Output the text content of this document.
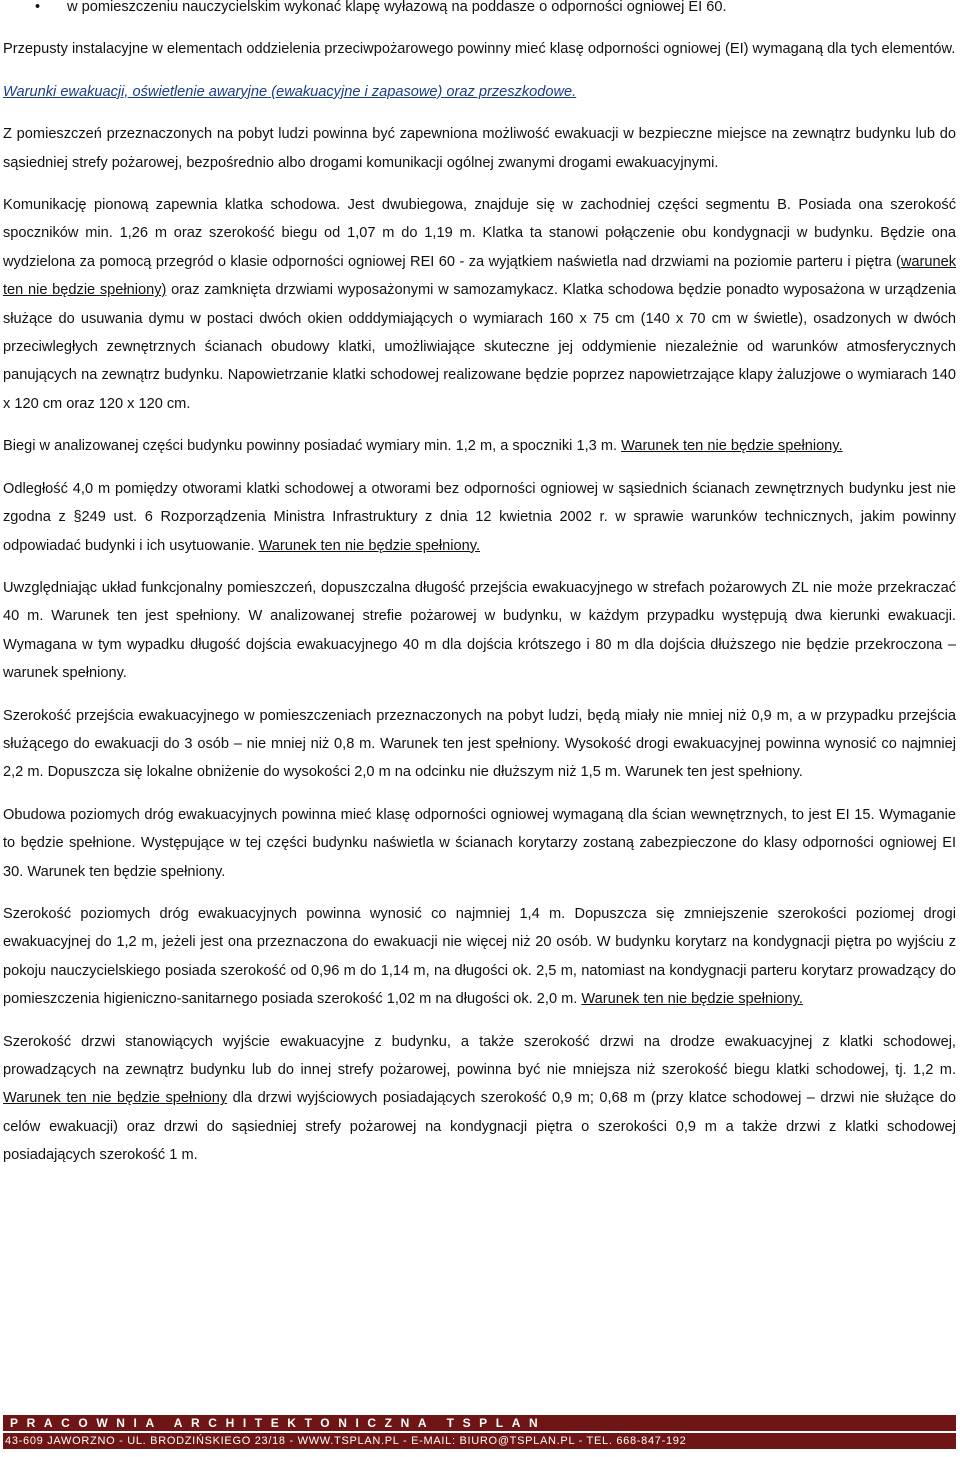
• w pomieszczeniu nauczycielskim wykonać klapę wyłazową na poddasze o odporności ogniowej EI 60.

Przepusty instalacyjne w elementach oddzielenia przeciwpożarowego powinny mieć klasę odporności ogniowej (EI) wymaganą dla tych elementów.

Warunki ewakuacji, oświetlenie awaryjne (ewakuacyjne i zapasowe) oraz przeszkodowe.

Z pomieszczeń przeznaczonych na pobyt ludzi powinna być zapewniona możliwość ewakuacji w bezpieczne miejsce na zewnątrz budynku lub do sąsiedniej strefy pożarowej, bezpośrednio albo drogami komunikacji ogólnej zwanymi drogami ewakuacyjnymi.

Komunikację pionową zapewnia klatka schodowa. Jest dwubiegowa, znajduje się w zachodniej części segmentu B. Posiada ona szerokość spoczników min. 1,26 m oraz szerokość biegu od 1,07 m do 1,19 m. Klatka ta stanowi połączenie obu kondygnacji w budynku. Będzie ona wydzielona za pomocą przegród o klasie odporności ogniowej REI 60 - za wyjątkiem naświetla nad drzwiami na poziomie parteru i piętra (warunek ten nie będzie spełniony) oraz zamknięta drzwiami wyposażonymi w samozamykacz. Klatka schodowa będzie ponadto wyposażona w urządzenia służące do usuwania dymu w postaci dwóch okien odddymiających o wymiarach 160 x 75 cm (140 x 70 cm w świetle), osadzonych w dwóch przeciwległych zewnętrznych ścianach obudowy klatki, umożliwiające skuteczne jej oddymienie niezależnie od warunków atmosferycznych panujących na zewnątrz budynku. Napowietrzanie klatki schodowej realizowane będzie poprzez napowietrzające klapy żaluzjowe o wymiarach 140 x 120 cm oraz 120 x 120 cm.

Biegi w analizowanej części budynku powinny posiadać wymiary min. 1,2 m, a spoczniki 1,3 m. Warunek ten nie będzie spełniony.

Odległość 4,0 m pomiędzy otworami klatki schodowej a otworami bez odporności ogniowej w sąsiednich ścianach zewnętrznych budynku jest nie zgodna z §249 ust. 6 Rozporządzenia Ministra Infrastruktury z dnia 12 kwietnia 2002 r. w sprawie warunków technicznych, jakim powinny odpowiadać budynki i ich usytuowanie. Warunek ten nie będzie spełniony.

Uwzględniając układ funkcjonalny pomieszczeń, dopuszczalna długość przejścia ewakuacyjnego w strefach pożarowych ZL nie może przekraczać 40 m. Warunek ten jest spełniony. W analizowanej strefie pożarowej w budynku, w każdym przypadku występują dwa kierunki ewakuacji. Wymagana w tym wypadku długość dojścia ewakuacyjnego 40 m dla dojścia krótszego i 80 m dla dojścia dłuższego nie będzie przekroczona – warunek spełniony.

Szerokość przejścia ewakuacyjnego w pomieszczeniach przeznaczonych na pobyt ludzi, będą miały nie mniej niż 0,9 m, a w przypadku przejścia służącego do ewakuacji do 3 osób – nie mniej niż 0,8 m. Warunek ten jest spełniony. Wysokość drogi ewakuacyjnej powinna wynosić co najmniej 2,2 m. Dopuszcza się lokalne obniżenie do wysokości 2,0 m na odcinku nie dłuższym niż 1,5 m. Warunek ten jest spełniony.

Obudowa poziomych dróg ewakuacyjnych powinna mieć klasę odporności ogniowej wymaganą dla ścian wewnętrznych, to jest EI 15. Wymaganie to będzie spełnione. Występujące w tej części budynku naświetla w ścianach korytarzy zostaną zabezpieczone do klasy odporności ogniowej EI 30. Warunek ten będzie spełniony.

Szerokość poziomych dróg ewakuacyjnych powinna wynosić co najmniej 1,4 m. Dopuszcza się zmniejszenie szerokości poziomej drogi ewakuacyjnej do 1,2 m, jeżeli jest ona przeznaczona do ewakuacji nie więcej niż 20 osób. W budynku korytarz na kondygnacji piętra po wyjściu z pokoju nauczycielskiego posiada szerokość od 0,96 m do 1,14 m, na długości ok. 2,5 m, natomiast na kondygnacji parteru korytarz prowadzący do pomieszczenia higieniczno-sanitarnego posiada szerokość 1,02 m na długości ok. 2,0 m. Warunek ten nie będzie spełniony.

Szerokość drzwi stanowiących wyjście ewakuacyjne z budynku, a także szerokość drzwi na drodze ewakuacyjnej z klatki schodowej, prowadzących na zewnątrz budynku lub do innej strefy pożarowej, powinna być nie mniejsza niż szerokość biegu klatki schodowej, tj. 1,2 m. Warunek ten nie będzie spełniony dla drzwi wyjściowych posiadających szerokość 0,9 m; 0,68 m (przy klatce schodowej – drzwi nie służące do celów ewakuacji) oraz drzwi do sąsiedniej strefy pożarowej na kondygnacji piętra o szerokości 0,9 m a także drzwi z klatki schodowej posiadających szerokość 1 m.

PRACOWNIA ARCHITEKTONICZNA TSPLAN
43-609 JAWORZNO - UL. BRODZIŃSKIEGO 23/18 - WWW.TSPLAN.PL - E-MAIL: BIURO@TSPLAN.PL - TEL. 668-847-192
